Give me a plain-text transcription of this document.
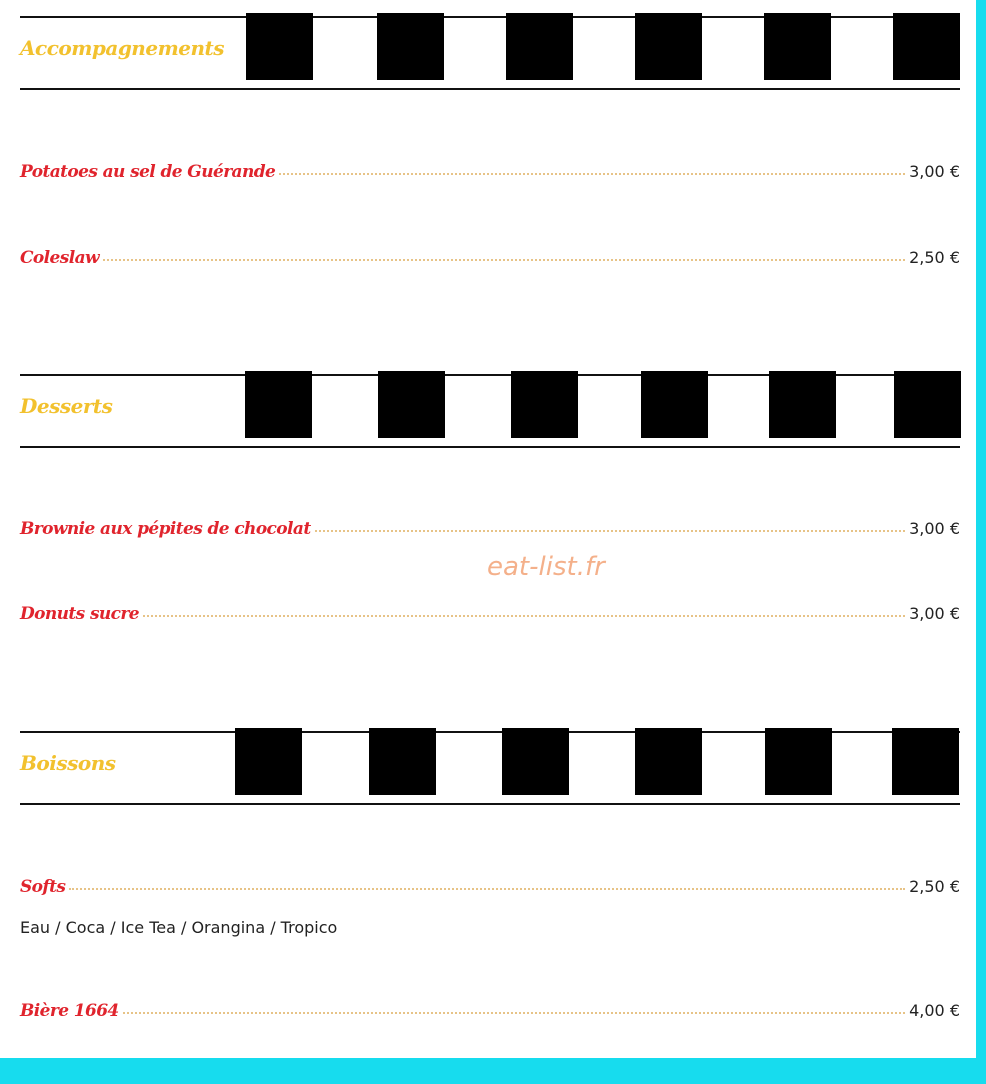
Accompagnements
Potatoes au sel de Guérande	3,00 €
Coleslaw	2,50 €
Desserts
Brownie aux pépites de chocolat	3,00 €
Donuts sucre	3,00 €
Boissons
Softs	2,50 €
Eau / Coca / Ice Tea / Orangina / Tropico
Bière 1664	4,00 €
eat-list.fr
